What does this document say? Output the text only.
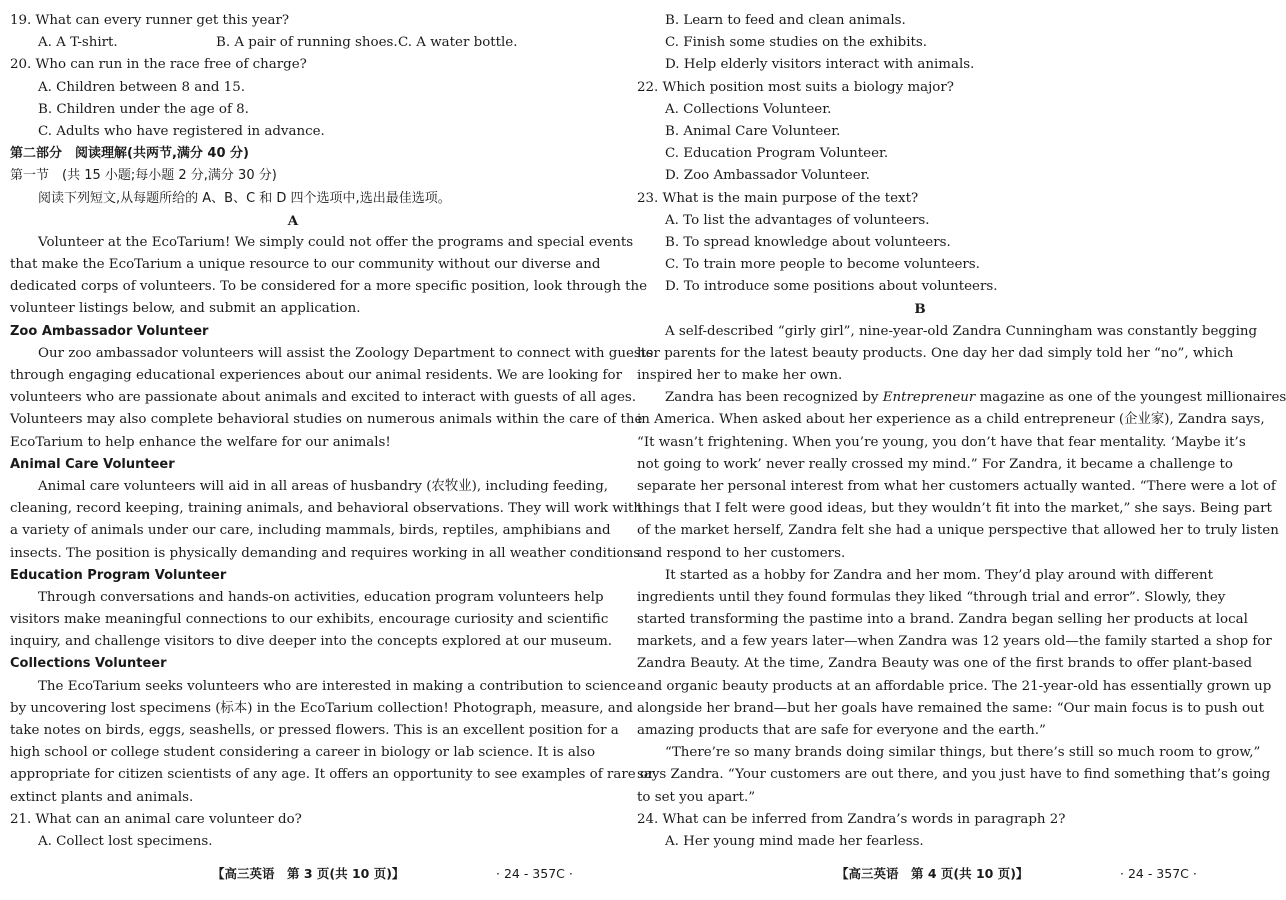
19. What can every runner get this year?
A. A T-shirt.	B. A pair of running shoes.C. A water bottle.
20. Who can run in the race free of charge?
A. Children between 8 and 15.
B. Children under the age of 8.
C. Adults who have registered in advance.
第二部分　阅读理解(共两节,满分 40 分)
第一节　(共 15 小题;每小题 2 分,满分 30 分)
阅读下列短文,从每题所给的 A、B、C 和 D 四个选项中,选出最佳选项。
A
Volunteer at the EcoTarium! We simply could not offer the programs and special events
that make the EcoTarium a unique resource to our community without our diverse and
dedicated corps of volunteers. To be considered for a more specific position, look through the
volunteer listings below, and submit an application.
Zoo Ambassador Volunteer
Our zoo ambassador volunteers will assist the Zoology Department to connect with guests
through engaging educational experiences about our animal residents. We are looking for
volunteers who are passionate about animals and excited to interact with guests of all ages.
Volunteers may also complete behavioral studies on numerous animals within the care of the
EcoTarium to help enhance the welfare for our animals!
Animal Care Volunteer
Animal care volunteers will aid in all areas of husbandry (农牧业), including feeding,
cleaning, record keeping, training animals, and behavioral observations. They will work with
a variety of animals under our care, including mammals, birds, reptiles, amphibians and
insects. The position is physically demanding and requires working in all weather conditions.
Education Program Volunteer
Through conversations and hands-on activities, education program volunteers help
visitors make meaningful connections to our exhibits, encourage curiosity and scientific
inquiry, and challenge visitors to dive deeper into the concepts explored at our museum.
Collections Volunteer
The EcoTarium seeks volunteers who are interested in making a contribution to science
by uncovering lost specimens (标本) in the EcoTarium collection! Photograph, measure, and
take notes on birds, eggs, seashells, or pressed flowers. This is an excellent position for a
high school or college student considering a career in biology or lab science. It is also
appropriate for citizen scientists of any age. It offers an opportunity to see examples of rare or
extinct plants and animals.
21. What can an animal care volunteer do?
A. Collect lost specimens.
【高三英语　第 3 页(共 10 页)】	· 24 - 357C ·
B. Learn to feed and clean animals.
C. Finish some studies on the exhibits.
D. Help elderly visitors interact with animals.
22. Which position most suits a biology major?
A. Collections Volunteer.
B. Animal Care Volunteer.
C. Education Program Volunteer.
D. Zoo Ambassador Volunteer.
23. What is the main purpose of the text?
A. To list the advantages of volunteers.
B. To spread knowledge about volunteers.
C. To train more people to become volunteers.
D. To introduce some positions about volunteers.
B
A self-described “girly girl”, nine-year-old Zandra Cunningham was constantly begging
her parents for the latest beauty products. One day her dad simply told her “no”, which
inspired her to make her own.
Zandra has been recognized by Entrepreneur magazine as one of the youngest millionaires
in America. When asked about her experience as a child entrepreneur (企业家), Zandra says,
“It wasn’t frightening. When you’re young, you don’t have that fear mentality. ‘Maybe it’s
not going to work’ never really crossed my mind.” For Zandra, it became a challenge to
separate her personal interest from what her customers actually wanted. “There were a lot of
things that I felt were good ideas, but they wouldn’t fit into the market,” she says. Being part
of the market herself, Zandra felt she had a unique perspective that allowed her to truly listen
and respond to her customers.
It started as a hobby for Zandra and her mom. They’d play around with different
ingredients until they found formulas they liked “through trial and error”. Slowly, they
started transforming the pastime into a brand. Zandra began selling her products at local
markets, and a few years later—when Zandra was 12 years old—the family started a shop for
Zandra Beauty. At the time, Zandra Beauty was one of the first brands to offer plant-based
and organic beauty products at an affordable price. The 21-year-old has essentially grown up
alongside her brand—but her goals have remained the same: “Our main focus is to push out
amazing products that are safe for everyone and the earth.”
“There’re so many brands doing similar things, but there’s still so much room to grow,”
says Zandra. “Your customers are out there, and you just have to find something that’s going
to set you apart.”
24. What can be inferred from Zandra’s words in paragraph 2?
A. Her young mind made her fearless.
【高三英语　第 4 页(共 10 页)】	· 24 - 357C ·
